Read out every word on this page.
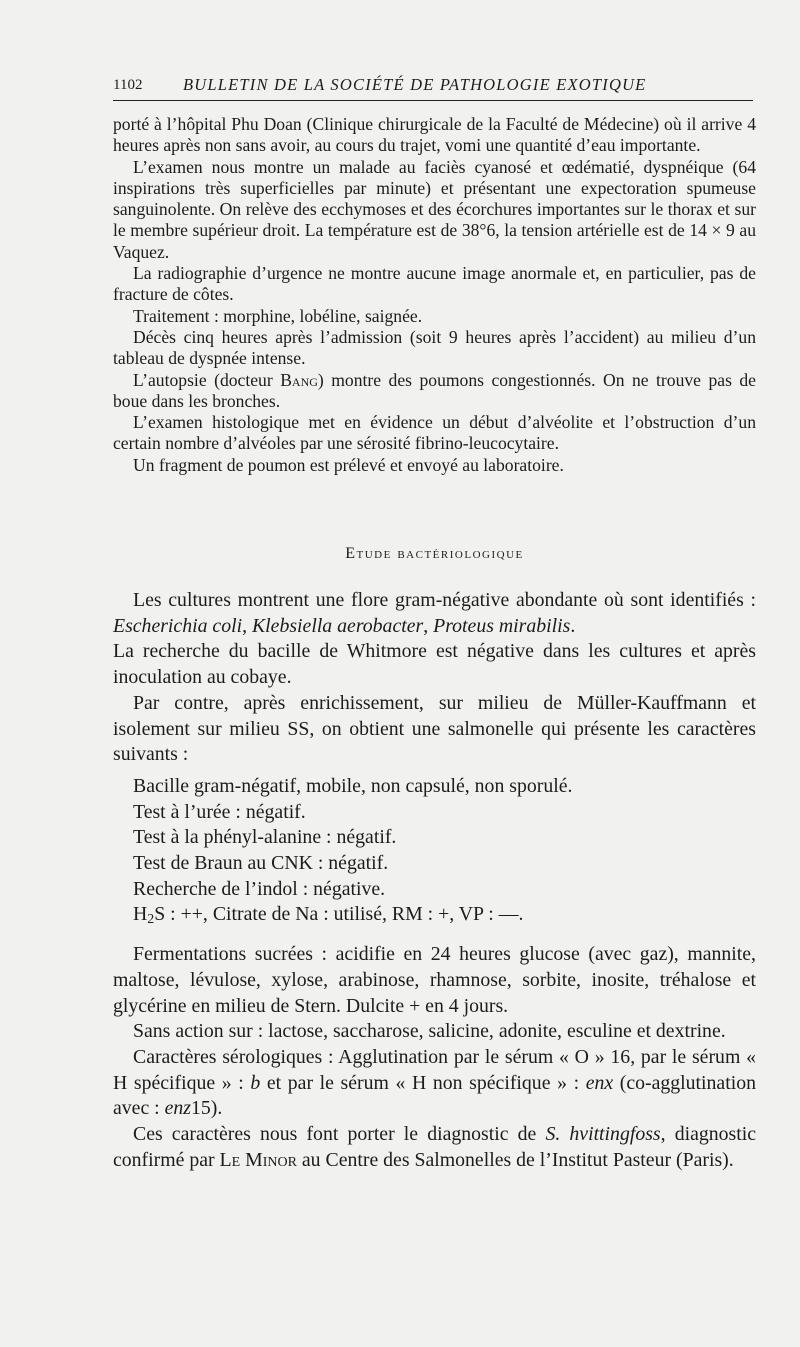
1102 BULLETIN DE LA SOCIÉTÉ DE PATHOLOGIE EXOTIQUE

porté à l’hôpital Phu Doan (Clinique chirurgicale de la Faculté de Médecine) où il arrive 4 heures après non sans avoir, au cours du trajet, vomi une quantité d’eau importante.

L’examen nous montre un malade au faciès cyanosé et œdématié, dyspnéique (64 inspirations très superficielles par minute) et présentant une expectoration spumeuse sanguinolente. On relève des ecchymoses et des écorchures importantes sur le thorax et sur le membre supérieur droit. La température est de 38°6, la tension artérielle est de 14 × 9 au Vaquez.

La radiographie d’urgence ne montre aucune image anormale et, en particulier, pas de fracture de côtes.

Traitement : morphine, lobéline, saignée.

Décès cinq heures après l’admission (soit 9 heures après l’accident) au milieu d’un tableau de dyspnée intense.

L’autopsie (docteur Bang) montre des poumons congestionnés. On ne trouve pas de boue dans les bronches.

L’examen histologique met en évidence un début d’alvéolite et l’obstruction d’un certain nombre d’alvéoles par une sérosité fibrino-leucocytaire.

Un fragment de poumon est prélevé et envoyé au laboratoire.

Etude bactériologique

Les cultures montrent une flore gram-négative abondante où sont identifiés : Escherichia coli, Klebsiella aerobacter, Proteus mirabilis.

La recherche du bacille de Whitmore est négative dans les cultures et après inoculation au cobaye.

Par contre, après enrichissement, sur milieu de Müller-Kauffmann et isolement sur milieu SS, on obtient une salmonelle qui présente les caractères suivants :

Bacille gram-négatif, mobile, non capsulé, non sporulé.

Test à l’urée : négatif.

Test à la phényl-alanine : négatif.

Test de Braun au CNK : négatif.

Recherche de l’indol : négative.

$H_2S$ : ++, Citrate de Na : utilisé, RM : +, VP : —.

Fermentations sucrées : acidifie en 24 heures glucose (avec gaz), mannite, maltose, lévulose, xylose, arabinose, rhamnose, sorbite, inosite, tréhalose et glycérine en milieu de Stern. Dulcite + en 4 jours.

Sans action sur : lactose, saccharose, salicine, adonite, esculine et dextrine.

Caractères sérologiques : Agglutination par le sérum « O » 16, par le sérum « H spécifique » : b et par le sérum « H non spécifique » : enx (co-agglutination avec : enz15).

Ces caractères nous font porter le diagnostic de S. hvittingfoss, diagnostic confirmé par Le Minor au Centre des Salmonelles de l’Institut Pasteur (Paris).
